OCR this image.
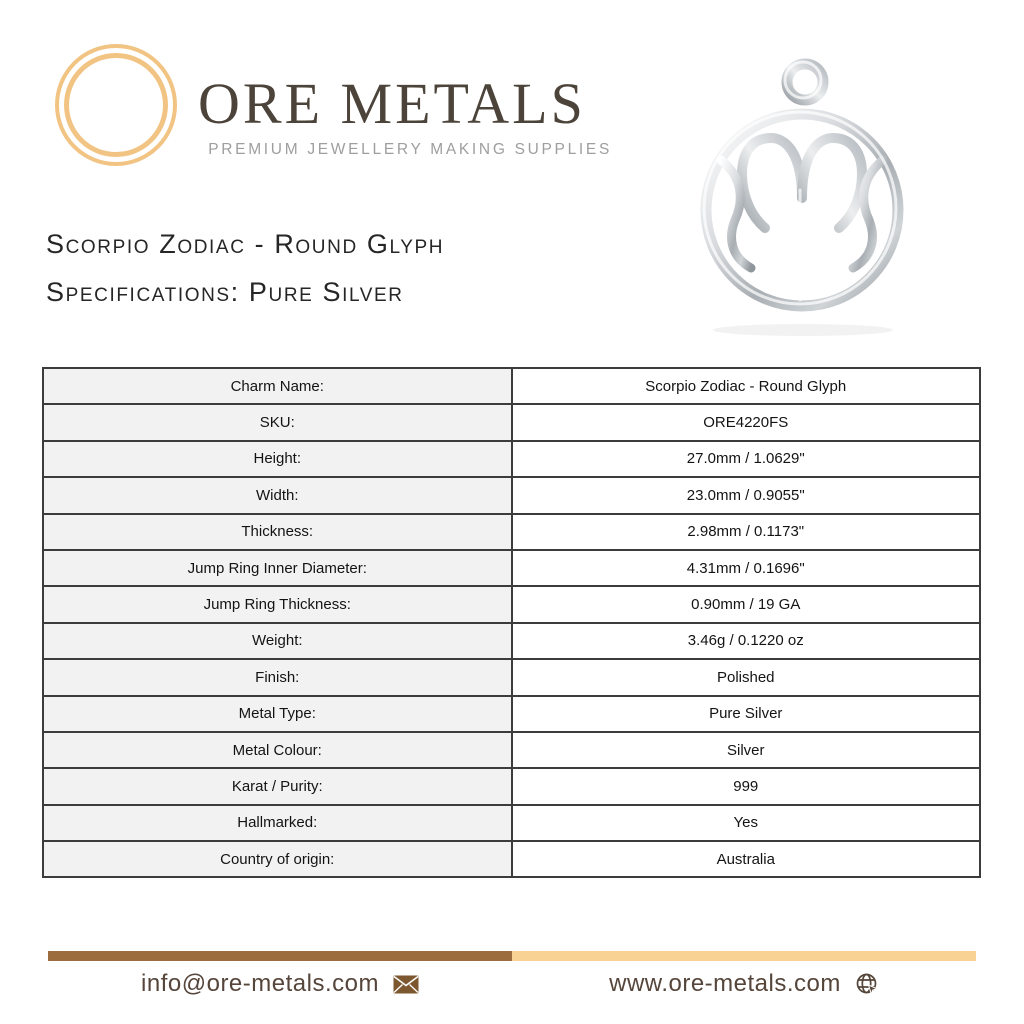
ORE METALS
PREMIUM JEWELLERY MAKING SUPPLIES
Scorpio Zodiac - Round Glyph
Specifications: Pure Silver
Charm Name:	Scorpio Zodiac - Round Glyph
SKU:	ORE4220FS
Height:	27.0mm / 1.0629"
Width:	23.0mm / 0.9055"
Thickness:	2.98mm / 0.1173"
Jump Ring Inner Diameter:	4.31mm / 0.1696"
Jump Ring Thickness:	0.90mm / 19 GA
Weight:	3.46g / 0.1220 oz
Finish:	Polished
Metal Type:	Pure Silver
Metal Colour:	Silver
Karat / Purity:	999
Hallmarked:	Yes
Country of origin:	Australia
info@ore-metals.com	www.ore-metals.com
